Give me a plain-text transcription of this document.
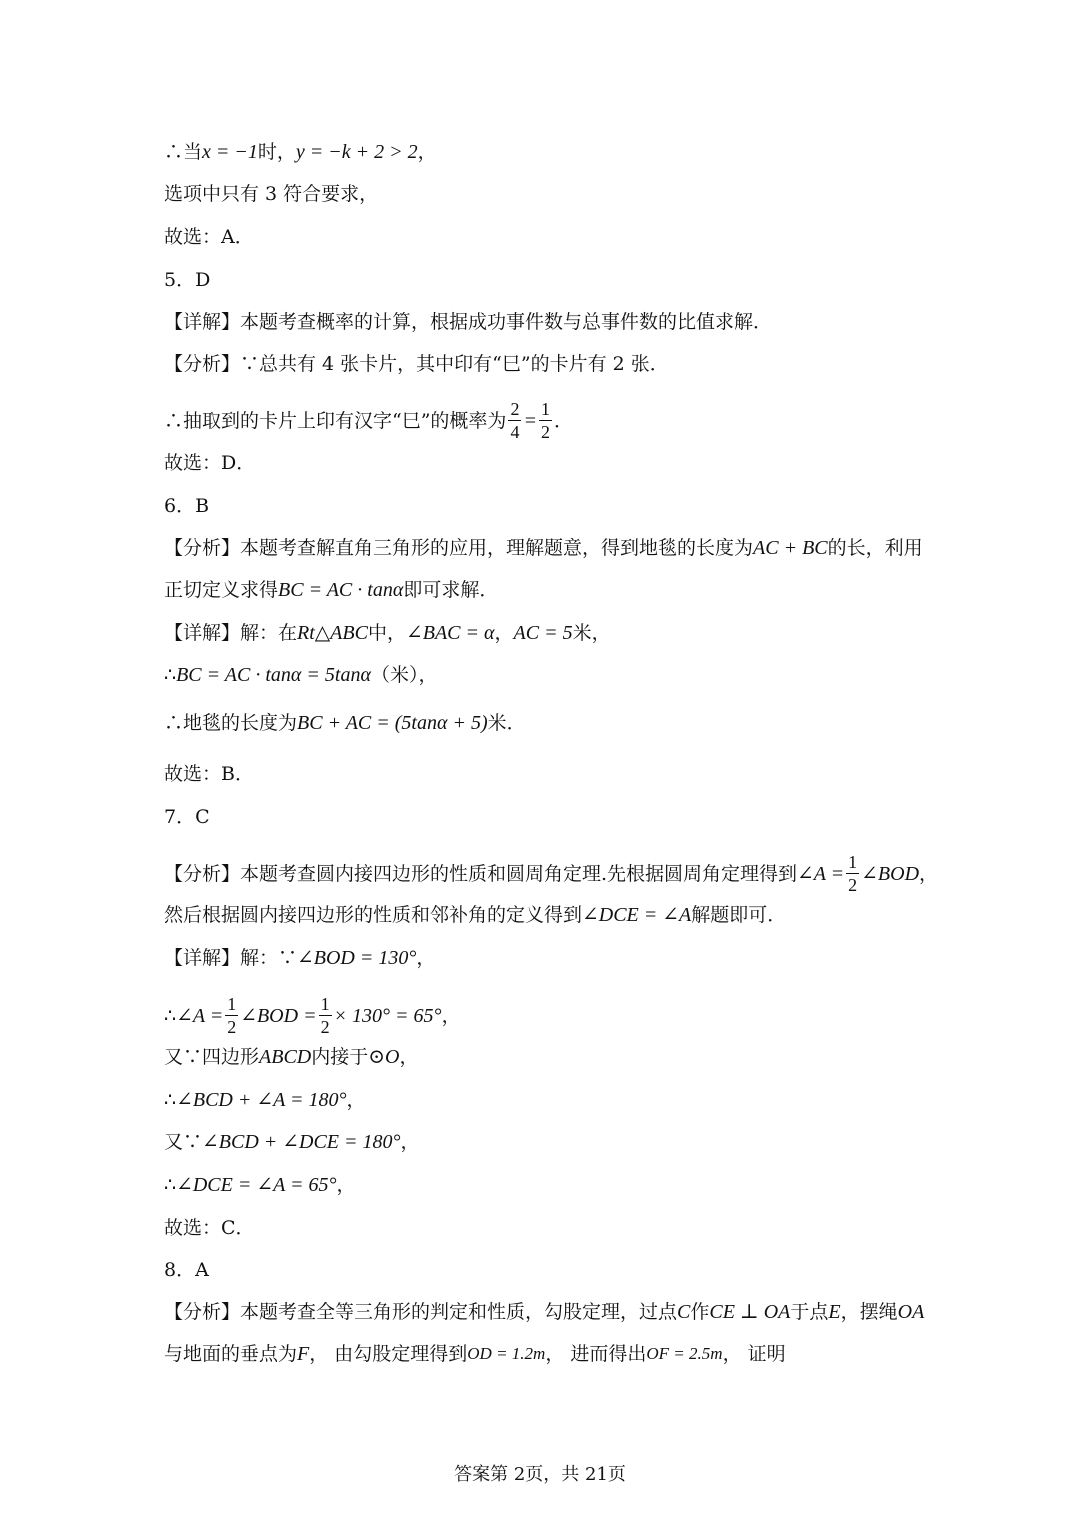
∴当 x = −1 时， y = −k + 2 > 2 ，
选项中只有 3 符合要求，
故选：A．
5．D
【详解】本题考查概率的计算，根据成功事件数与总事件数的比值求解．
【分析】∵总共有 4 张卡片，其中印有“巳”的卡片有 2 张．
∴抽取到的卡片上印有汉字“巳”的概率为 $\frac{2}{4} = \frac{1}{2}$ ．
故选：D．
6．B
【分析】本题考查解直角三角形的应用，理解题意，得到地毯的长度为 AC + BC 的长，利用
正切定义求得 BC = AC · tanα 即可求解．
【详解】解：在 Rt△ABC 中， ∠BAC = α ， AC = 5 米，
∴ BC = AC · tanα = 5tanα （米），
∴地毯的长度为 BC + AC = (5tanα + 5) 米．
故选：B．
7．C
【分析】本题考查圆内接四边形的性质和圆周角定理.先根据圆周角定理得到 ∠A = $\frac{1}{2}$ ∠BOD ，
然后根据圆内接四边形的性质和邻补角的定义得到 ∠DCE = ∠A 解题即可．
【详解】解：∵ ∠BOD = 130° ，
∴ ∠A = $\frac{1}{2}$ ∠BOD = $\frac{1}{2} \times 130^\circ = 65^\circ$ ，
又∵四边形 ABCD 内接于 ⊙O ，
∴ ∠BCD + ∠A = 180° ，
又∵ ∠BCD + ∠DCE = 180° ，
∴ ∠DCE = ∠A = 65° ，
故选：C．
8．A
【分析】本题考查全等三角形的判定和性质，勾股定理，过点 C 作 CE ⊥ OA 于点 E ，摆绳 OA
与地面的垂点为 F ， 由勾股定理得到 OD = 1.2m ， 进而得出 OF = 2.5m ， 证明
答案第 2页，共 21页
